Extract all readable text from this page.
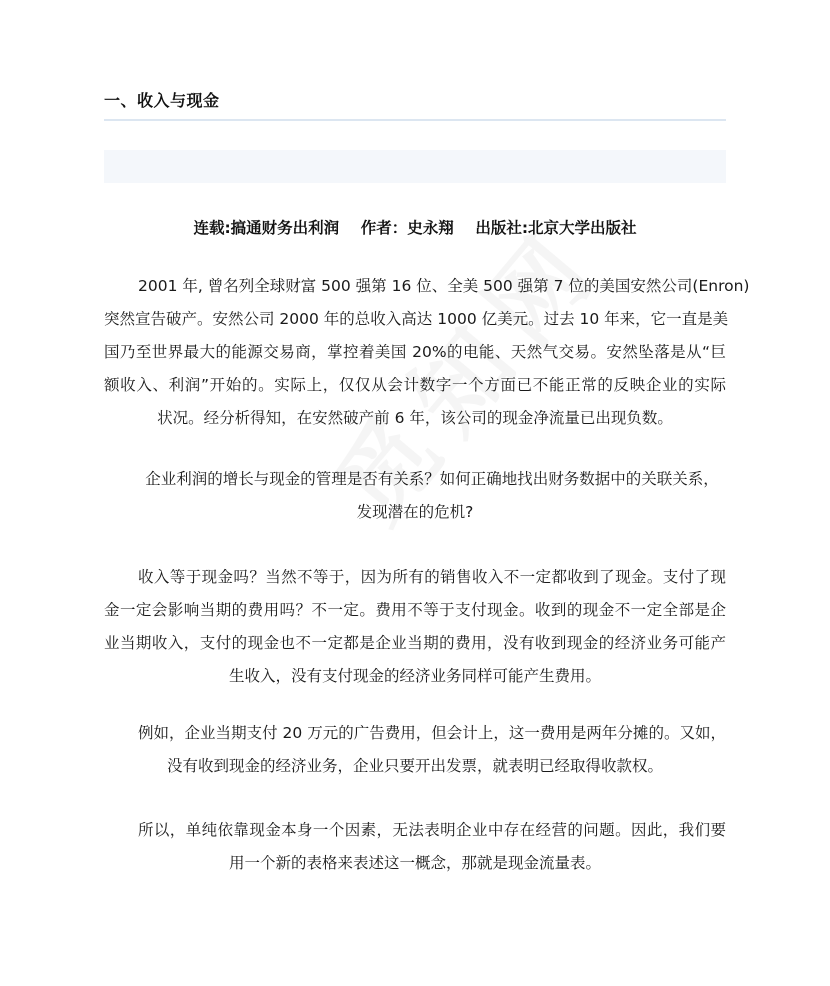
一、收入与现金
连载:搞通财务出利润    作者：史永翔    出版社:北京大学出版社
2001 年, 曾名列全球财富 500 强第 16 位、全美 500 强第 7 位的美国安然公司(Enron)
突然宣告破产。安然公司 2000 年的总收入高达 1000 亿美元。过去 10 年来，它一直是美
国乃至世界最大的能源交易商，掌控着美国 20%的电能、天然气交易。安然坠落是从“巨
额收入、利润”开始的。实际上，仅仅从会计数字一个方面已不能正常的反映企业的实际
状况。经分析得知，在安然破产前 6 年，该公司的现金净流量已出现负数。
企业利润的增长与现金的管理是否有关系？如何正确地找出财务数据中的关联关系，
发现潜在的危机?
收入等于现金吗？当然不等于，因为所有的销售收入不一定都收到了现金。支付了现
金一定会影响当期的费用吗？不一定。费用不等于支付现金。收到的现金不一定全部是企
业当期收入，支付的现金也不一定都是企业当期的费用，没有收到现金的经济业务可能产
生收入，没有支付现金的经济业务同样可能产生费用。
例如，企业当期支付 20 万元的广告费用，但会计上，这一费用是两年分摊的。又如，
没有收到现金的经济业务，企业只要开出发票，就表明已经取得收款权。
所以，单纯依靠现金本身一个因素，无法表明企业中存在经营的问题。因此，我们要
用一个新的表格来表述这一概念，那就是现金流量表。
